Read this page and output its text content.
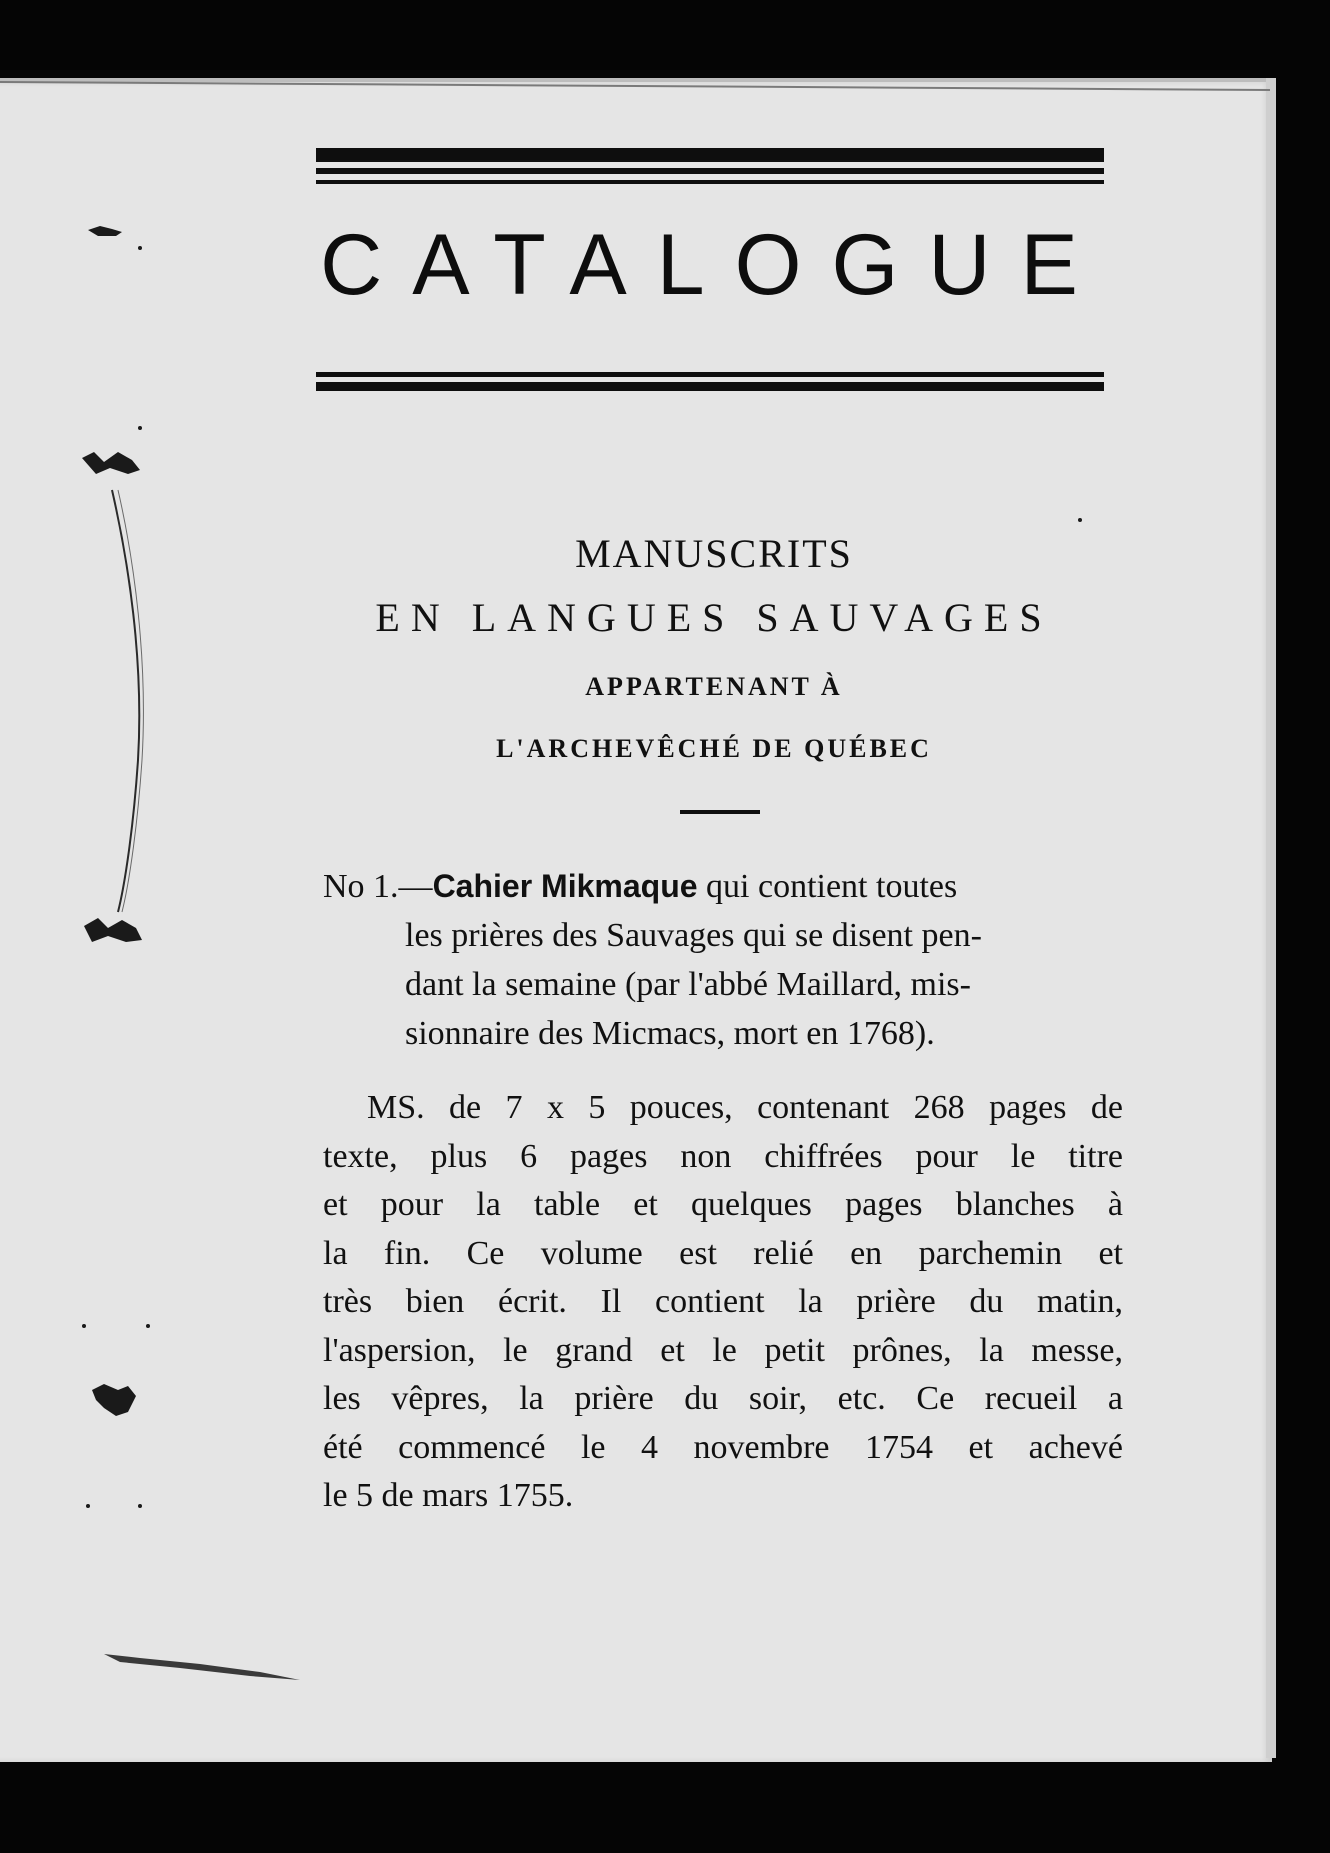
CATALOGUE
MANUSCRITS
EN LANGUES SAUVAGES
APPARTENANT À
L'ARCHEVÊCHÉ DE QUÉBEC
No 1.—Cahier Mikmaque qui contient toutes
les prières des Sauvages qui se disent pen-
dant la semaine (par l'abbé Maillard, mis-
sionnaire des Micmacs, mort en 1768).
MS. de 7 x 5 pouces, contenant 268 pages de
texte, plus 6 pages non chiffrées pour le titre
et pour la table et quelques pages blanches à
la fin. Ce volume est relié en parchemin et
très bien écrit. Il contient la prière du matin,
l'aspersion, le grand et le petit prônes, la messe,
les vêpres, la prière du soir, etc. Ce recueil a
été commencé le 4 novembre 1754 et achevé
le 5 de mars 1755.
